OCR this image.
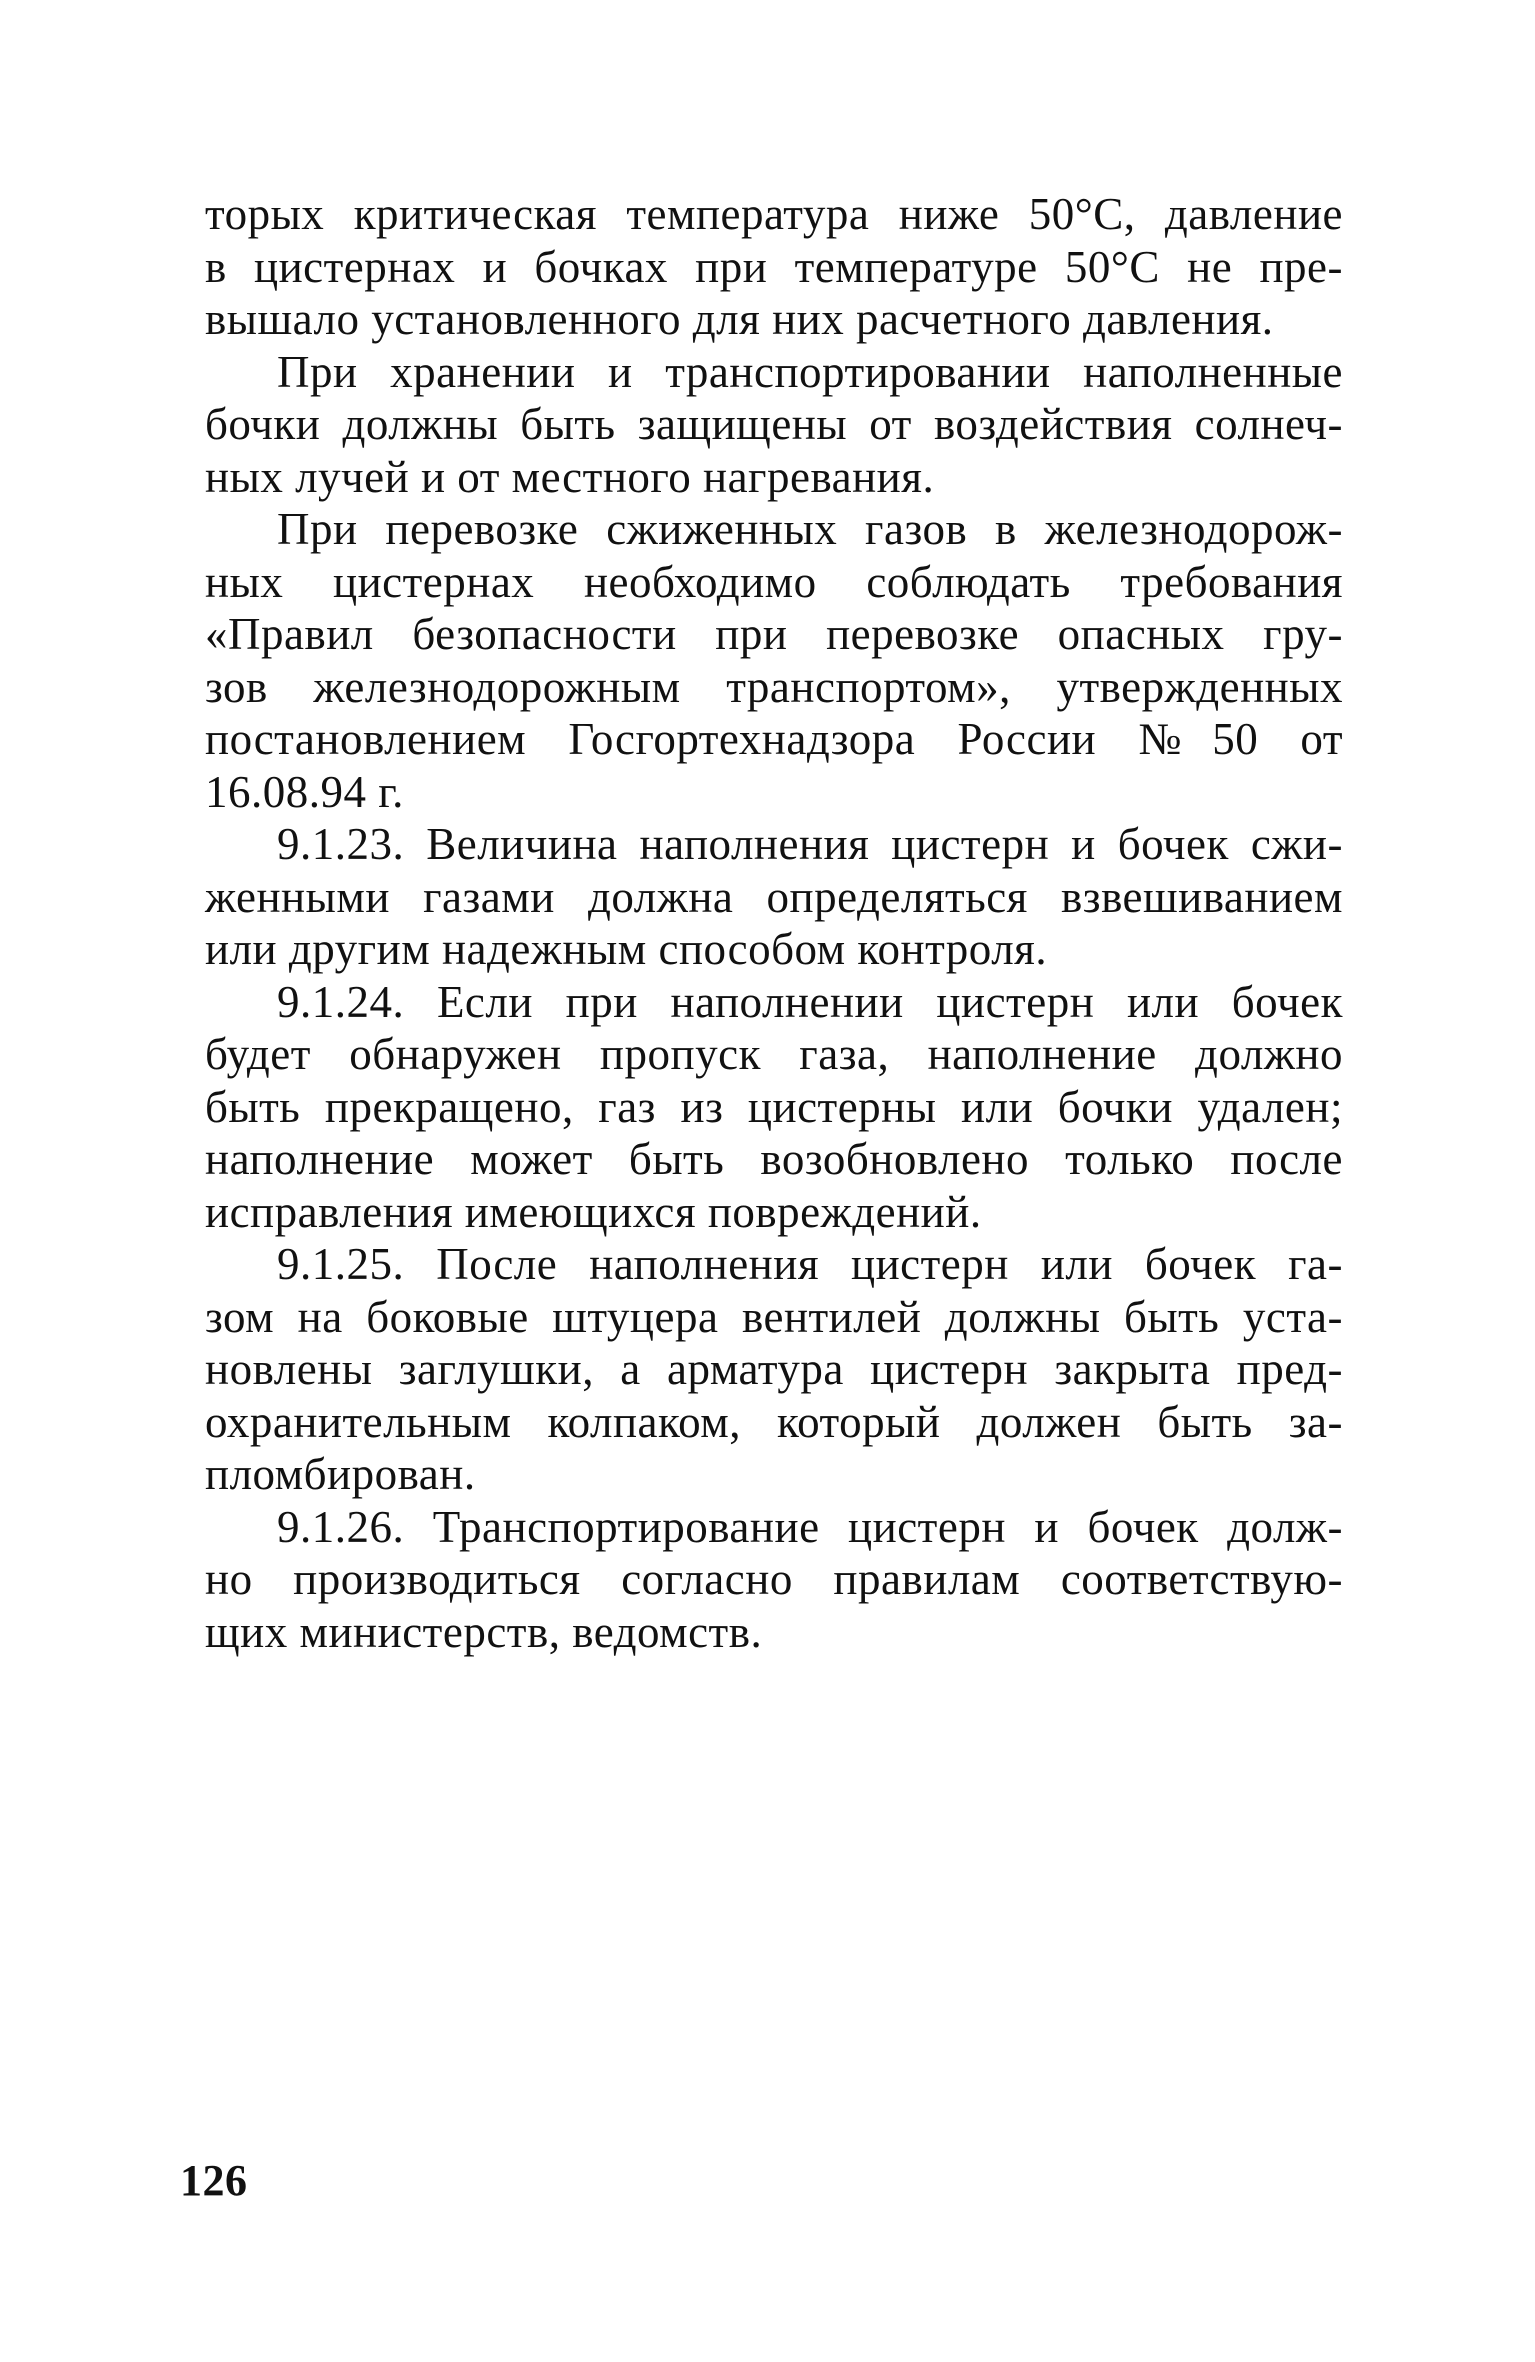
торых критическая температура ниже 50°С, давление
в цистернах и бочках при температуре 50°С не пре-
вышало установленного для них расчетного давления.
При хранении и транспортировании наполненные
бочки должны быть защищены от воздействия солнеч-
ных лучей и от местного нагревания.
При перевозке сжиженных газов в железнодорож-
ных цистернах необходимо соблюдать требования
«Правил безопасности при перевозке опасных гру-
зов железнодорожным транспортом», утвержденных
постановлением Госгортехнадзора России №50 от
16.08.94 г.
9.1.23. Величина наполнения цистерн и бочек сжи-
женными газами должна определяться взвешиванием
или другим надежным способом контроля.
9.1.24. Если при наполнении цистерн или бочек
будет обнаружен пропуск газа, наполнение должно
быть прекращено, газ из цистерны или бочки удален;
наполнение может быть возобновлено только после
исправления имеющихся повреждений.
9.1.25. После наполнения цистерн или бочек га-
зом на боковые штуцера вентилей должны быть уста-
новлены заглушки, а арматура цистерн закрыта пред-
охранительным колпаком, который должен быть за-
пломбирован.
9.1.26. Транспортирование цистерн и бочек долж-
но производиться согласно правилам соответствую-
щих министерств, ведомств.
126
